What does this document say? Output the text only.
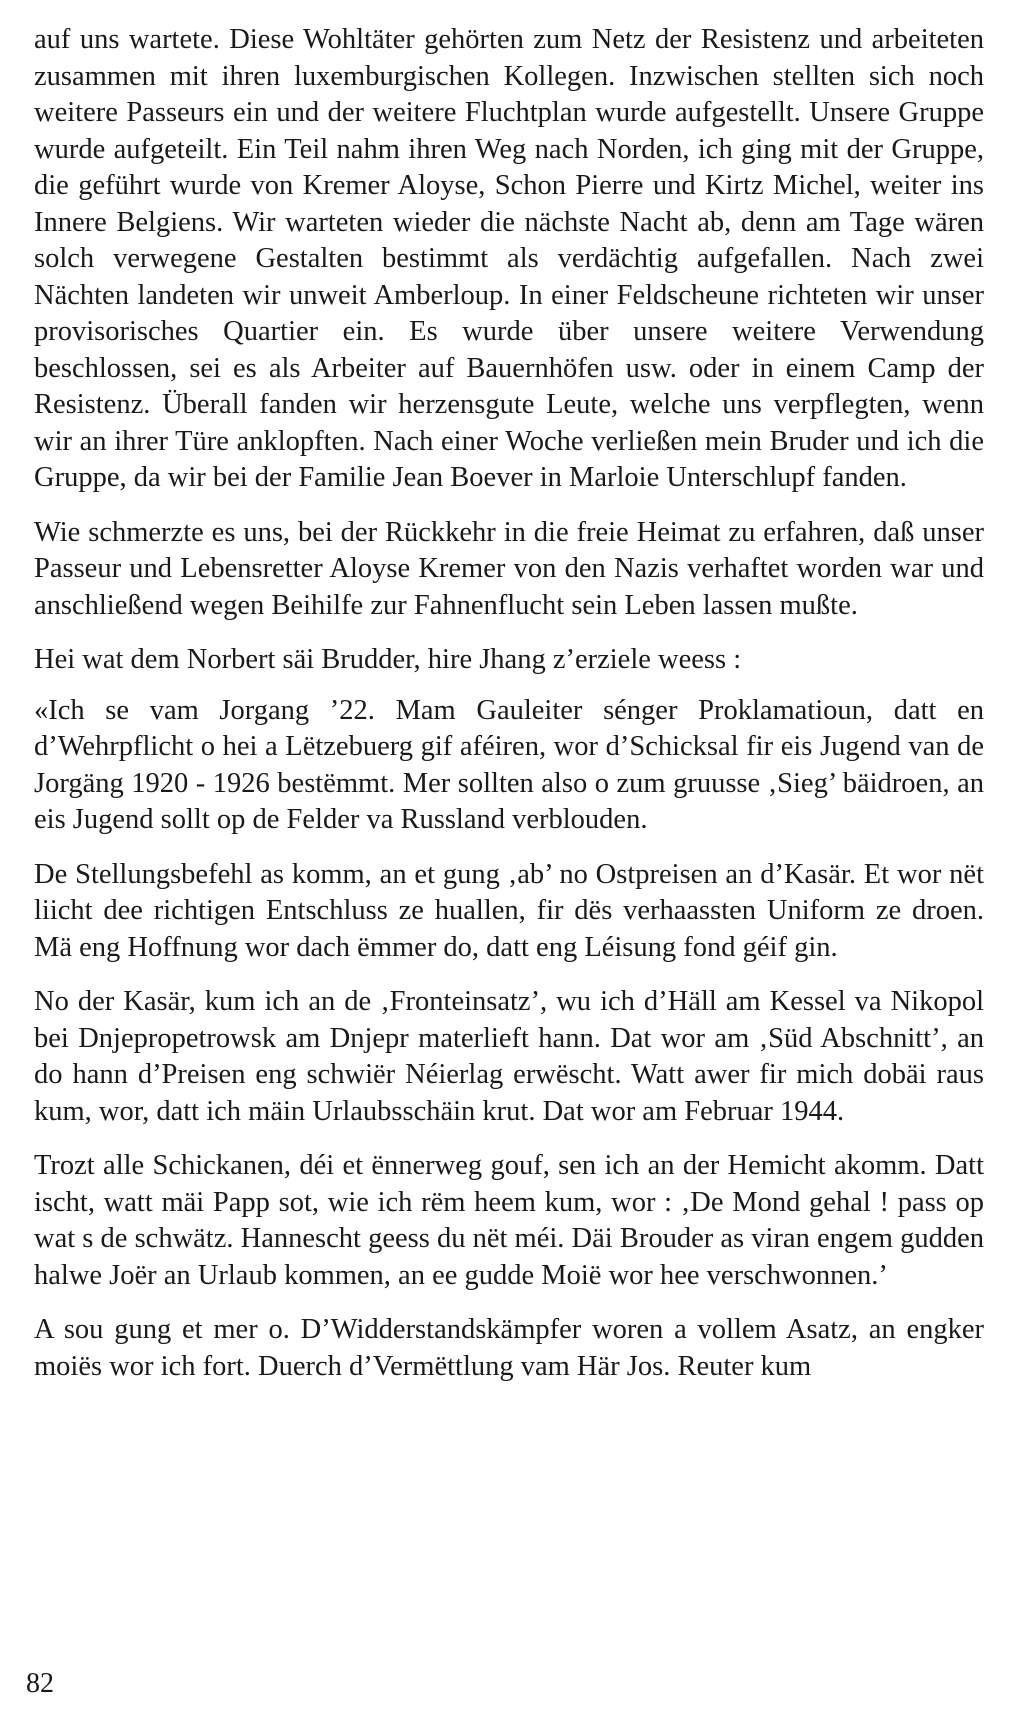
auf uns wartete. Diese Wohltäter gehörten zum Netz der Resistenz und arbeiteten zusammen mit ihren luxemburgischen Kollegen. Inzwischen stellten sich noch weitere Passeurs ein und der weitere Fluchtplan wurde aufgestellt. Unsere Gruppe wurde aufgeteilt. Ein Teil nahm ihren Weg nach Norden, ich ging mit der Gruppe, die geführt wurde von Kremer Aloyse, Schon Pierre und Kirtz Michel, weiter ins Innere Belgiens. Wir warteten wieder die nächste Nacht ab, denn am Tage wären solch verwegene Gestalten bestimmt als verdächtig aufgefallen. Nach zwei Nächten landeten wir unweit Amberloup. In einer Feldscheune richteten wir unser provisorisches Quartier ein. Es wurde über unsere weitere Verwendung beschlossen, sei es als Arbeiter auf Bauernhöfen usw. oder in einem Camp der Resistenz. Überall fanden wir herzensgute Leute, welche uns verpflegten, wenn wir an ihrer Türe anklopften. Nach einer Woche verließen mein Bruder und ich die Gruppe, da wir bei der Familie Jean Boever in Marloie Unterschlupf fanden.

Wie schmerzte es uns, bei der Rückkehr in die freie Heimat zu erfahren, daß unser Passeur und Lebensretter Aloyse Kremer von den Nazis verhaftet worden war und anschließend wegen Beihilfe zur Fahnenflucht sein Leben lassen mußte.

Hei wat dem Norbert säi Brudder, hire Jhang z’erziele weess :

«Ich se vam Jorgang ’22. Mam Gauleiter sénger Proklamatioun, datt en d’Wehrpflicht o hei a Lëtzebuerg gif aféiren, wor d’Schicksal fir eis Jugend van de Jorgäng 1920 - 1926 bestëmmt. Mer sollten also o zum gruusse ‚Sieg’ bäidroen, an eis Jugend sollt op de Felder va Russland verblouden.

De Stellungsbefehl as komm, an et gung ‚ab’ no Ostpreisen an d’Kasär. Et wor nët liicht dee richtigen Entschluss ze huallen, fir dës verhaassten Uniform ze droen. Mä eng Hoffnung wor dach ëmmer do, datt eng Léisung fond géif gin.

No der Kasär, kum ich an de ‚Fronteinsatz’, wu ich d’Häll am Kessel va Nikopol bei Dnjepropetrowsk am Dnjepr materlieft hann. Dat wor am ‚Süd Abschnitt’, an do hann d’Preisen eng schwiër Néierlag erwëscht. Watt awer fir mich dobäi raus kum, wor, datt ich mäin Urlaubsschäin krut. Dat wor am Februar 1944.

Trozt alle Schickanen, déi et ënnerweg gouf, sen ich an der Hemicht akomm. Datt ischt, watt mäi Papp sot, wie ich rëm heem kum, wor : ‚De Mond gehal ! pass op wat s de schwätz. Hannescht geess du nët méi. Däi Brouder as viran engem gudden halwe Joër an Urlaub kommen, an ee gudde Moië wor hee verschwonnen.’

A sou gung et mer o. D’Widderstandskämpfer woren a vollem Asatz, an engker moiës wor ich fort. Duerch d’Vermëttlung vam Här Jos. Reuter kum

82
